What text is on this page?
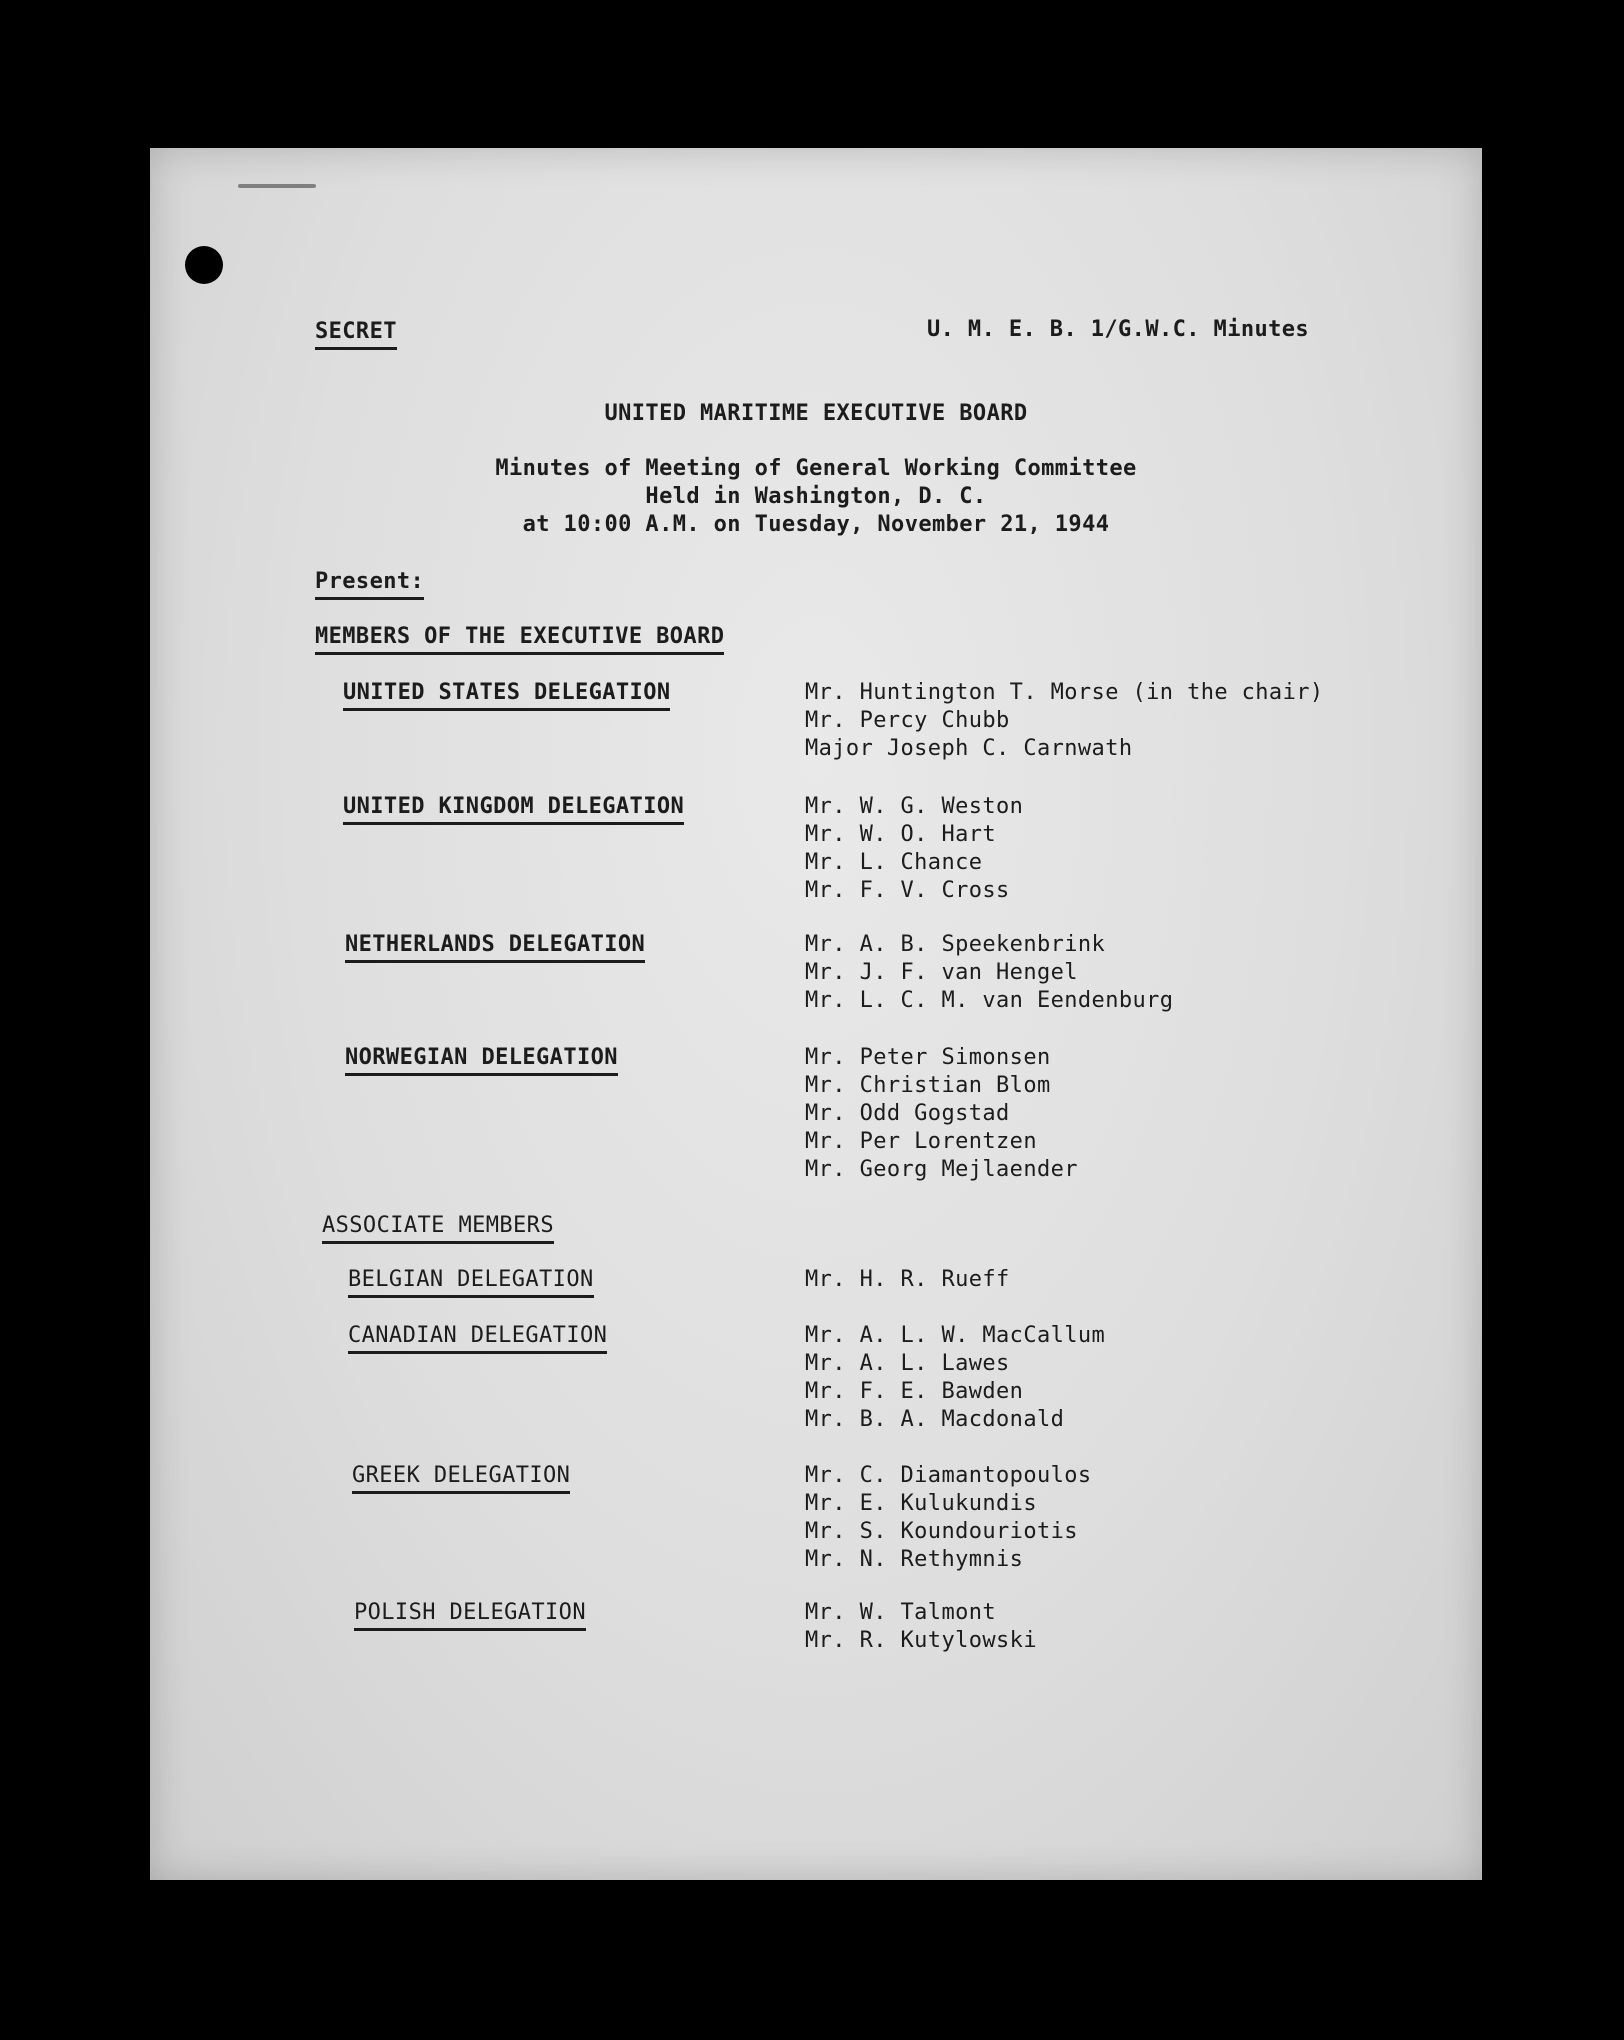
SECRET	U. M. E. B. 1/G.W.C. Minutes
UNITED MARITIME EXECUTIVE BOARD
Minutes of Meeting of General Working Committee
Held in Washington, D. C.
at 10:00 A.M. on Tuesday, November 21, 1944
Present:
MEMBERS OF THE EXECUTIVE BOARD
UNITED STATES DELEGATION	Mr. Huntington T. Morse (in the chair)
Mr. Percy Chubb
Major Joseph C. Carnwath
UNITED KINGDOM DELEGATION	Mr. W. G. Weston
Mr. W. O. Hart
Mr. L. Chance
Mr. F. V. Cross
NETHERLANDS DELEGATION	Mr. A. B. Speekenbrink
Mr. J. F. van Hengel
Mr. L. C. M. van Eendenburg
NORWEGIAN DELEGATION	Mr. Peter Simonsen
Mr. Christian Blom
Mr. Odd Gogstad
Mr. Per Lorentzen
Mr. Georg Mejlaender
ASSOCIATE MEMBERS
BELGIAN DELEGATION	Mr. H. R. Rueff
CANADIAN DELEGATION	Mr. A. L. W. MacCallum
Mr. A. L. Lawes
Mr. F. E. Bawden
Mr. B. A. Macdonald
GREEK DELEGATION	Mr. C. Diamantopoulos
Mr. E. Kulukundis
Mr. S. Koundouriotis
Mr. N. Rethymnis
POLISH DELEGATION	Mr. W. Talmont
Mr. R. Kutylowski
